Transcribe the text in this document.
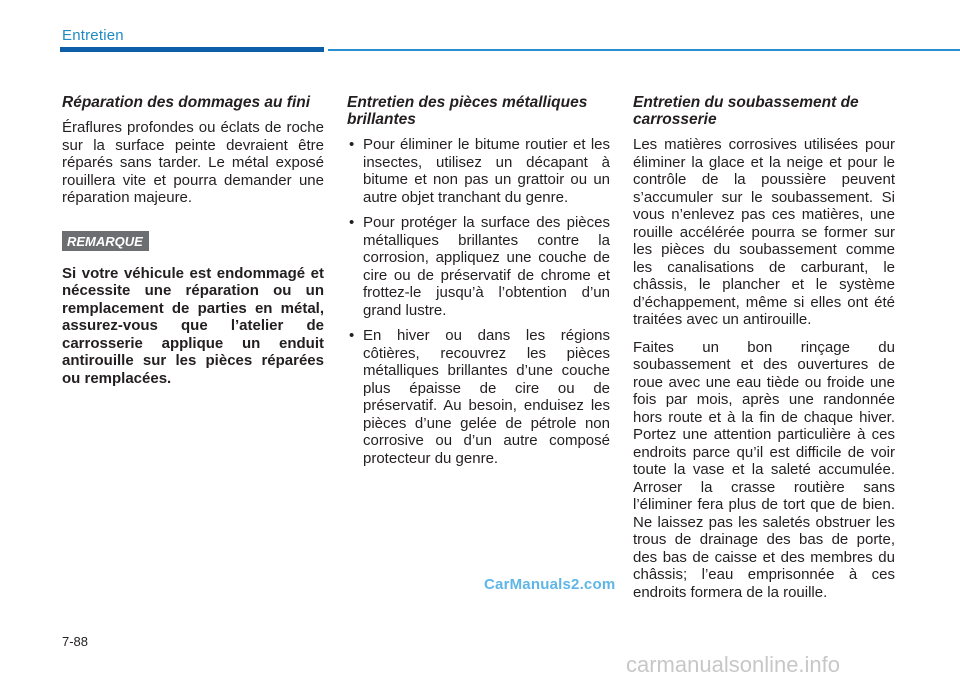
Entretien
Réparation des dommages au fini
Éraflures profondes ou éclats de roche sur la surface peinte devraient être réparés sans tarder. Le métal exposé rouillera vite et pourra demander une réparation majeure.
REMARQUE
Si votre véhicule est endommagé et nécessite une réparation ou un remplacement de parties en métal, assurez-vous que l’atelier de carrosserie applique un enduit antirouille sur les pièces réparées ou remplacées.
Entretien des pièces métalliques brillantes
• Pour éliminer le bitume routier et les insectes, utilisez un décapant à bitume et non pas un grattoir ou un autre objet tranchant du genre.
• Pour protéger la surface des pièces métalliques brillantes contre la corrosion, appliquez une couche de cire ou de préservatif de chrome et frottez-le jusqu’à l’obtention d’un grand lustre.
• En hiver ou dans les régions côtières, recouvrez les pièces métalliques brillantes d’une couche plus épaisse de cire ou de préservatif. Au besoin, enduisez les pièces d’une gelée de pétrole non corrosive ou d’un autre composé protecteur du genre.
Entretien du soubassement de carrosserie
Les matières corrosives utilisées pour éliminer la glace et la neige et pour le contrôle de la poussière peuvent s’accumuler sur le soubassement. Si vous n’enlevez pas ces matières, une rouille accélérée pourra se former sur les pièces du soubassement comme les canalisations de carburant, le châssis, le plancher et le système d’échappement, même si elles ont été traitées avec un antirouille.
Faites un bon rinçage du soubassement et des ouvertures de roue avec une eau tiède ou froide une fois par mois, après une randonnée hors route et à la fin de chaque hiver. Portez une attention particulière à ces endroits parce qu’il est difficile de voir toute la vase et la saleté accumulée. Arroser la crasse routière sans l’éliminer fera plus de tort que de bien. Ne laissez pas les saletés obstruer les trous de drainage des bas de porte, des bas de caisse et des membres du châssis; l’eau emprisonnée à ces endroits formera de la rouille.
7-88
CarManuals2.com
carmanualsonline.info
